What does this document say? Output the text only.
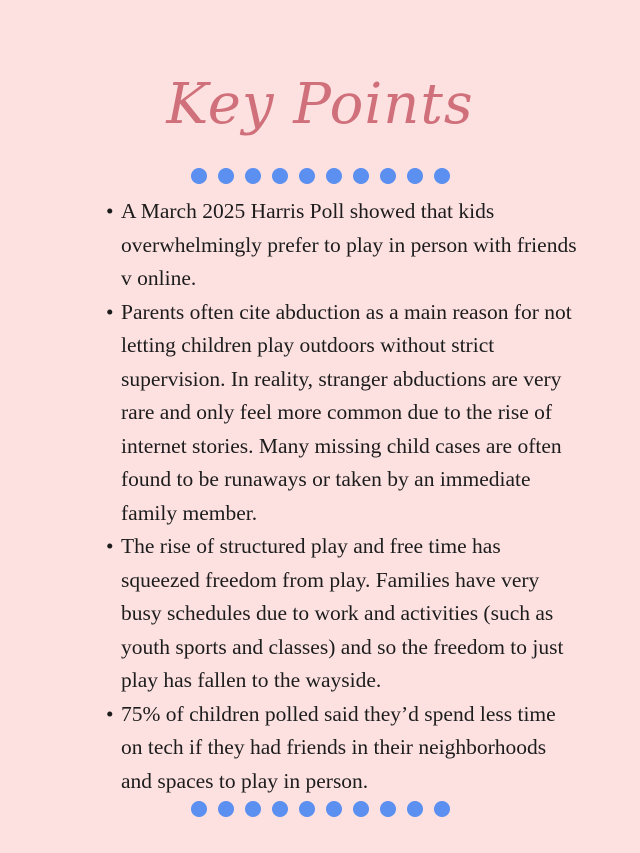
Key Points
• A March 2025 Harris Poll showed that kids overwhelmingly prefer to play in person with friends v online.
• Parents often cite abduction as a main reason for not letting children play outdoors without strict supervision. In reality, stranger abductions are very rare and only feel more common due to the rise of internet stories. Many missing child cases are often found to be runaways or taken by an immediate family member.
• The rise of structured play and free time has squeezed freedom from play. Families have very busy schedules due to work and activities (such as youth sports and classes) and so the freedom to just play has fallen to the wayside.
• 75% of children polled said they’d spend less time on tech if they had friends in their neighborhoods and spaces to play in person.
